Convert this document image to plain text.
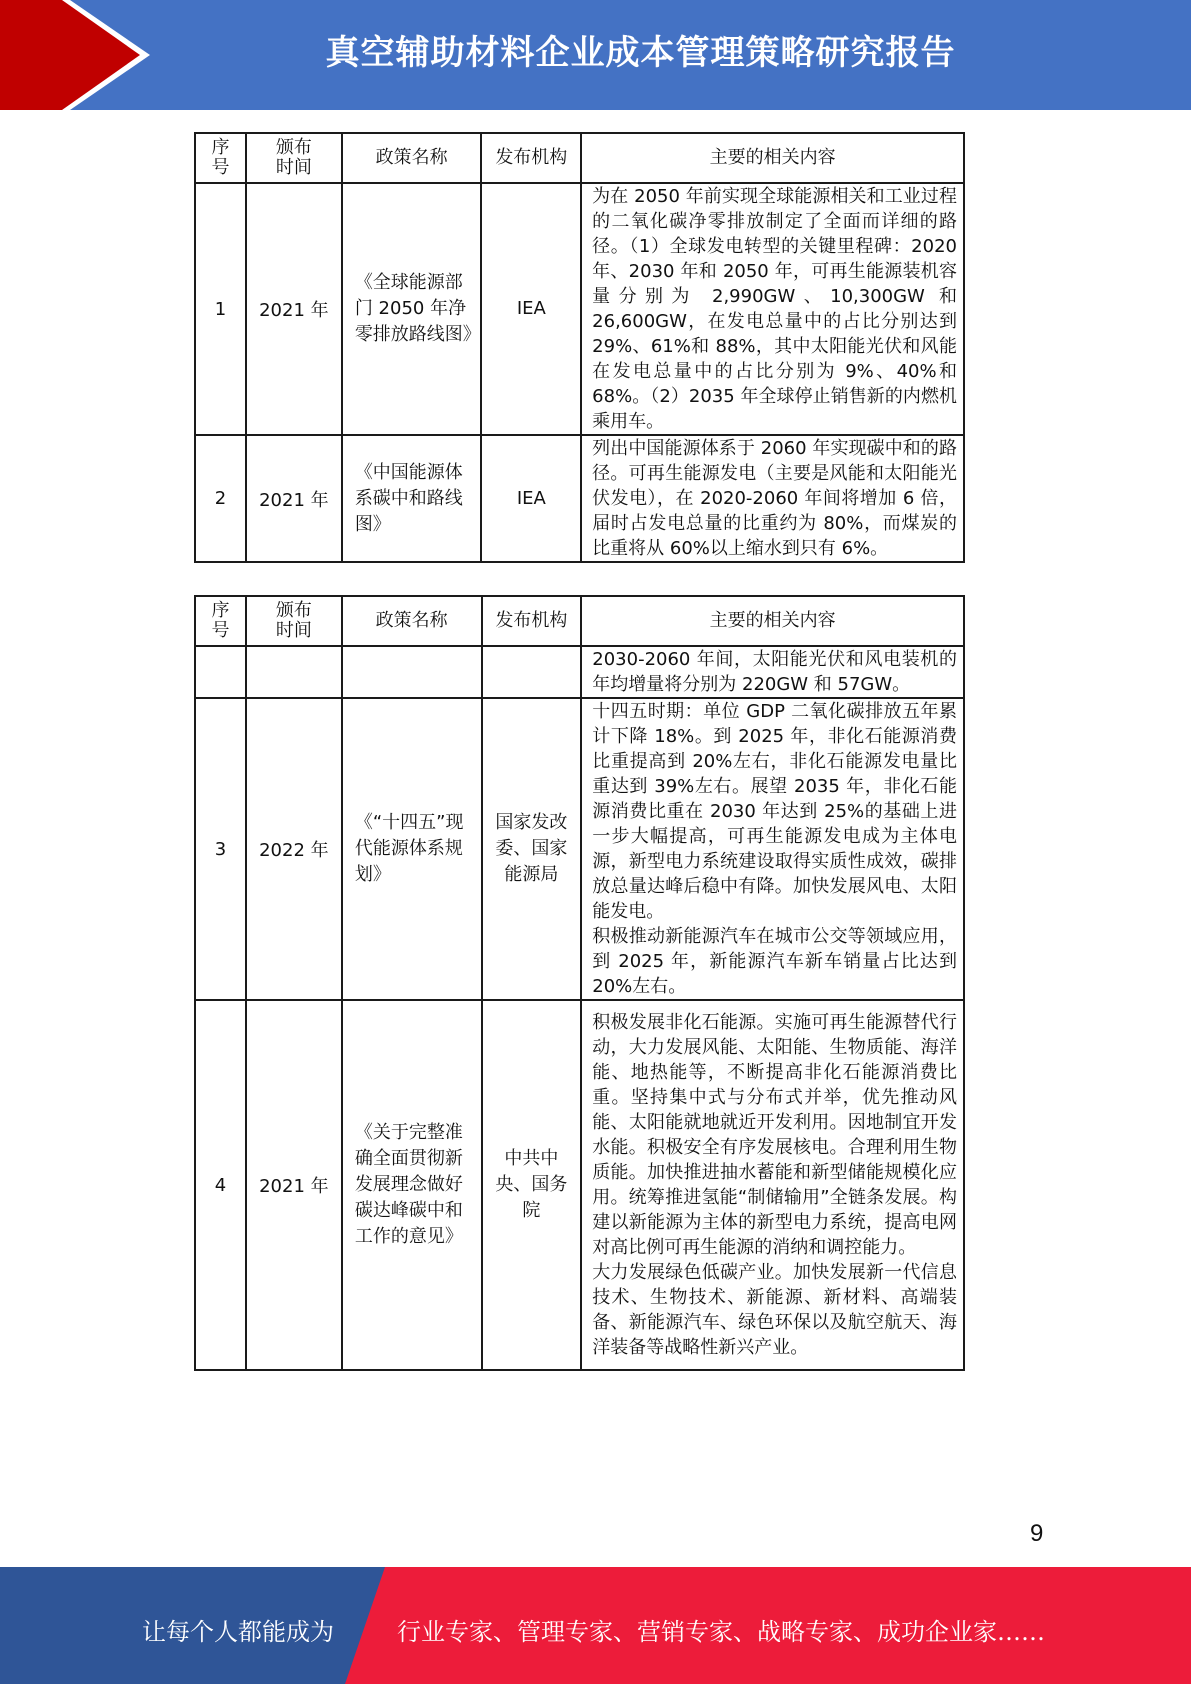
真空辅助材料企业成本管理策略研究报告
序号	颁布时间	政策名称	发布机构	主要的相关内容
1	2021 年	《全球能源部门 2050 年净零排放路线图》	IEA	为在 2050 年前实现全球能源相关和工业过程的二氧化碳净零排放制定了全面而详细的路径。（1）全球发电转型的关键里程碑：2020 年、2030 年和 2050 年，可再生能源装机容量分别为 2,990GW、10,300GW 和26,600GW，在发电总量中的占比分别达到 29%、61%和 88%，其中太阳能光伏和风能在发电总量中的占比分别为 9%、40%和68%。（2）2035 年全球停止销售新的内燃机乘用车。

2	2021 年	《中国能源体系碳中和路线图》	IEA	列出中国能源体系于 2060 年实现碳中和的路径。可再生能源发电（主要是风能和太阳能光伏发电），在 2020-2060 年间将增加 6 倍，届时占发电总量的比重约为 80%，而煤炭的比重将从 60%以上缩水到只有 6%。

序号	颁布时间	政策名称	发布机构	主要的相关内容

				2030-2060 年间，太阳能光伏和风电装机的年均增量将分别为 220GW 和 57GW。

3	2022 年	《“十四五”现代能源体系规划》	国家发改委、国家能源局	十四五时期：单位 GDP 二氧化碳排放五年累计下降 18%。到 2025 年，非化石能源消费比重提高到 20%左右，非化石能源发电量比重达到 39%左右。展望 2035 年，非化石能源消费比重在 2030 年达到 25%的基础上进一步大幅提高，可再生能源发电成为主体电源，新型电力系统建设取得实质性成效，碳排放总量达峰后稳中有降。加快发展风电、太阳能发电。

积极推动新能源汽车在城市公交等领域应用，到 2025 年，新能源汽车新车销量占比达到 20%左右。

4	2021 年	《关于完整准确全面贯彻新发展理念做好碳达峰碳中和工作的意见》	中共中央、国务院	积极发展非化石能源。实施可再生能源替代行动，大力发展风能、太阳能、生物质能、海洋能、地热能等，不断提高非化石能源消费比重。坚持集中式与分布式并举，优先推动风能、太阳能就地就近开发利用。因地制宜开发水能。积极安全有序发展核电。合理利用生物质能。加快推进抽水蓄能和新型储能规模化应用。统筹推进氢能“制储输用”全链条发展。构建以新能源为主体的新型电力系统，提高电网对高比例可再生能源的消纳和调控能力。

大力发展绿色低碳产业。加快发展新一代信息技术、生物技术、新能源、新材料、高端装备、新能源汽车、绿色环保以及航空航天、海洋装备等战略性新兴产业。

9
让每个人都能成为	行业专家、管理专家、营销专家、战略专家、成功企业家……
